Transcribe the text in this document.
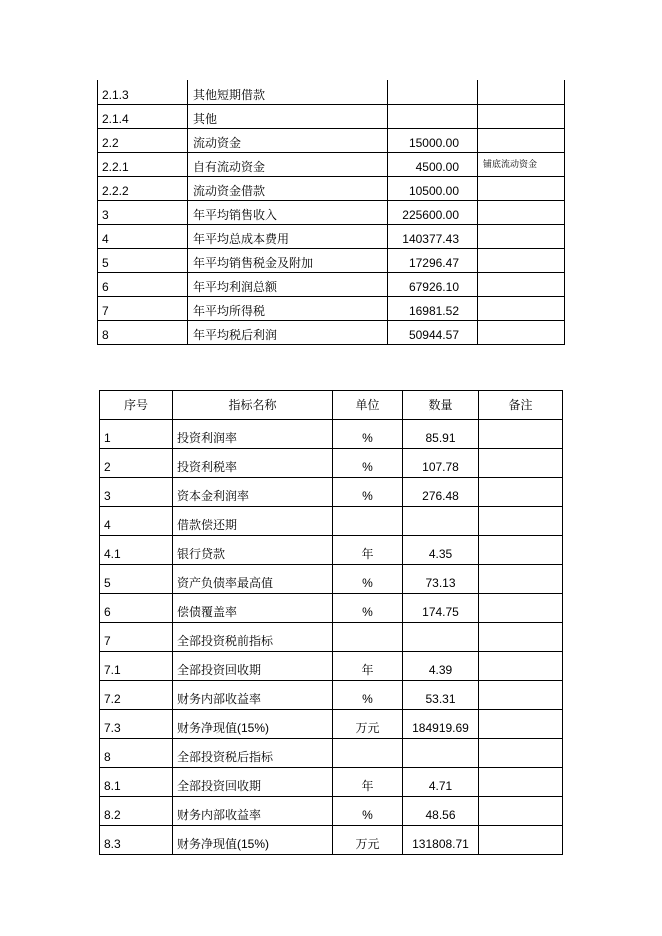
2.1.3	其他短期借款		
2.1.4	其他		
2.2	流动资金	15000.00	
2.2.1	自有流动资金	4500.00	铺底流动资金
2.2.2	流动资金借款	10500.00	
3	年平均销售收入	225600.00	
4	年平均总成本费用	140377.43	
5	年平均销售税金及附加	17296.47	
6	年平均利润总额	67926.10	
7	年平均所得税	16981.52	
8	年平均税后利润	50944.57	
序号	指标名称	单位	数量	备注
1	投资利润率	%	85.91	
2	投资利税率	%	107.78	
3	资本金利润率	%	276.48	
4	借款偿还期			
4.1	银行贷款	年	4.35	
5	资产负债率最高值	%	73.13	
6	偿债覆盖率	%	174.75	
7	全部投资税前指标			
7.1	全部投资回收期	年	4.39	
7.2	财务内部收益率	%	53.31	
7.3	财务净现值(15%)	万元	184919.69	
8	全部投资税后指标			
8.1	全部投资回收期	年	4.71	
8.2	财务内部收益率	%	48.56	
8.3	财务净现值(15%)	万元	131808.71	
